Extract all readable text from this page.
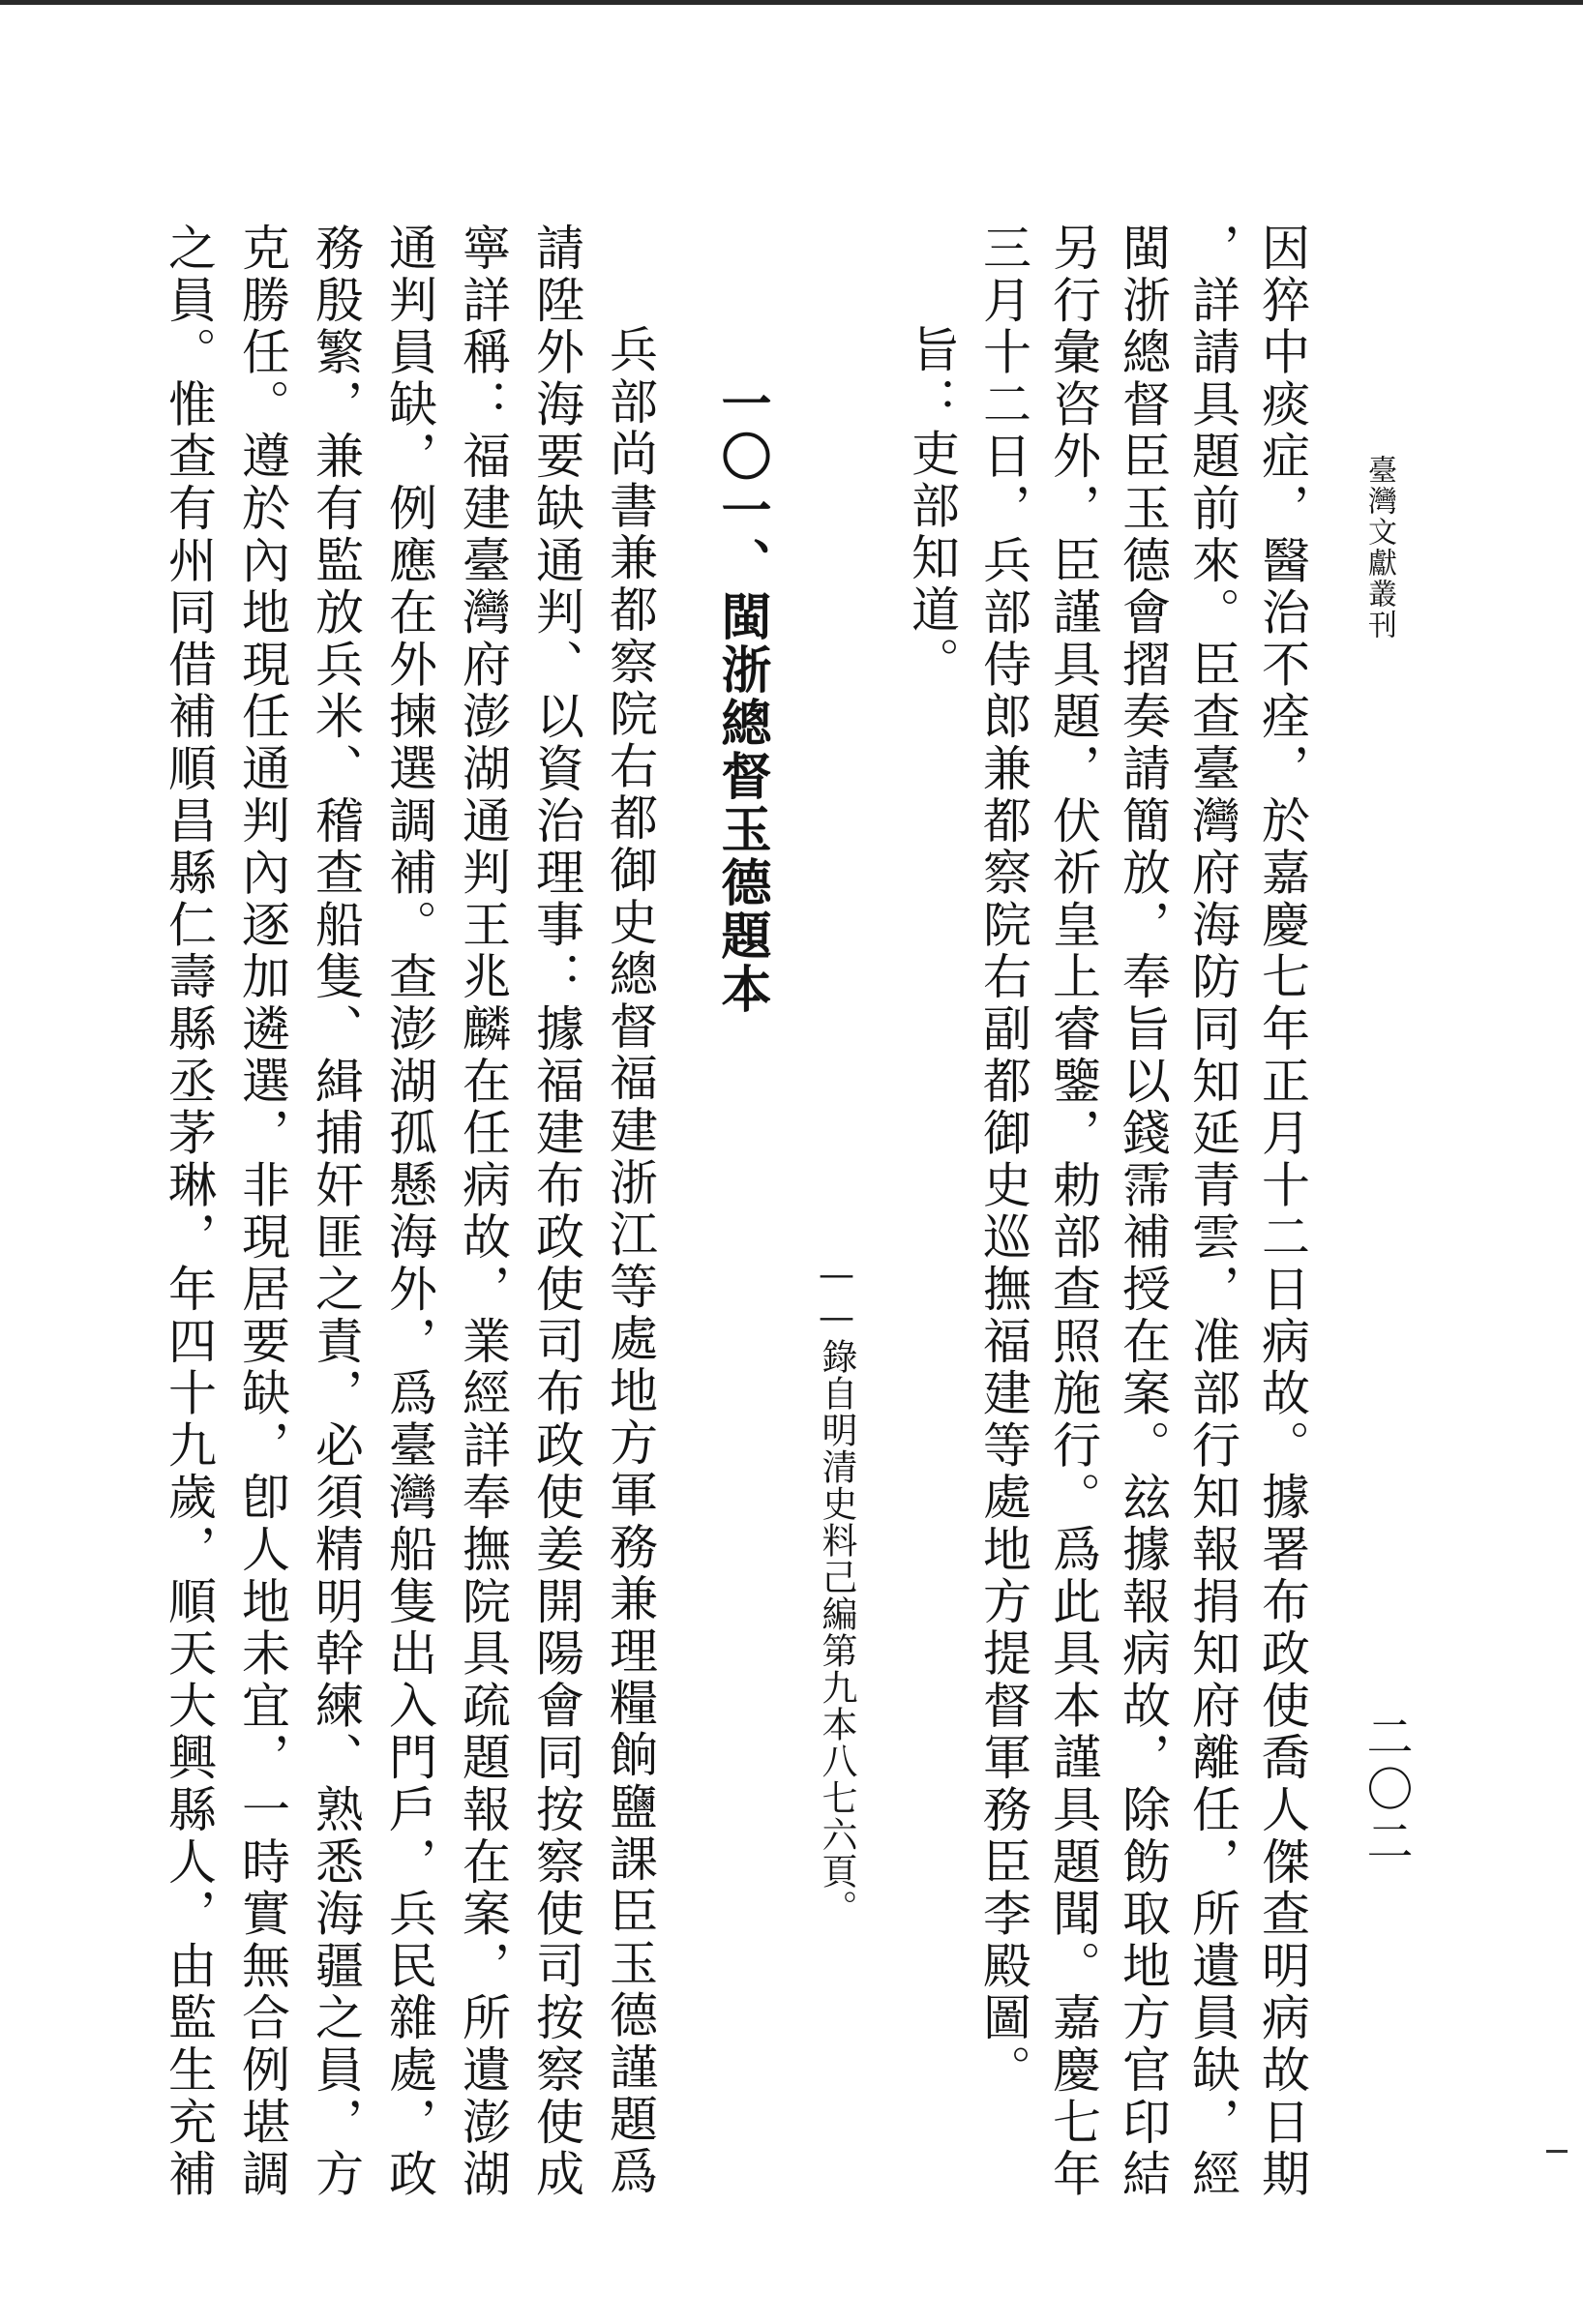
臺灣文獻叢刊
二〇二
因猝中痰症，醫治不痊，於嘉慶七年正月十二日病故。據署布政使喬人傑查明病故日期
，詳請具題前來。臣查臺灣府海防同知延青雲，准部行知報捐知府離任，所遺員缺，經
閩浙總督臣玉德會摺奏請簡放，奉旨以錢霈補授在案。玆據報病故，除飭取地方官印結
另行彙咨外，臣謹具題，伏祈皇上睿鑒，勅部查照施行。爲此具本謹具題聞。嘉慶七年
三月十二日，兵部侍郎兼都察院右副都御史巡撫福建等處地方提督軍務臣李殿圖。
旨：吏部知道。
——錄自明清史料己編第九本八七六頁。
一〇一、閩浙總督玉德題本
兵部尚書兼都察院右都御史總督福建浙江等處地方軍務兼理糧餉鹽課臣玉德謹題爲
請陞外海要缺通判、以資治理事：據福建布政使司布政使姜開陽會同按察使司按察使成
寧詳稱：福建臺灣府澎湖通判王兆麟在任病故，業經詳奉撫院具疏題報在案，所遺澎湖
通判員缺，例應在外揀選調補。查澎湖孤懸海外，爲臺灣船隻出入門戶，兵民雜處，政
務殷繁，兼有監放兵米、稽查船隻、緝捕奸匪之責，必須精明幹練、熟悉海疆之員，方
克勝任。遵於內地現任通判內逐加遴選，非現居要缺，卽人地未宜，一時實無合例堪調
之員。惟查有州同借補順昌縣仁壽縣丞茅琳，年四十九歲，順天大興縣人，由監生充補
